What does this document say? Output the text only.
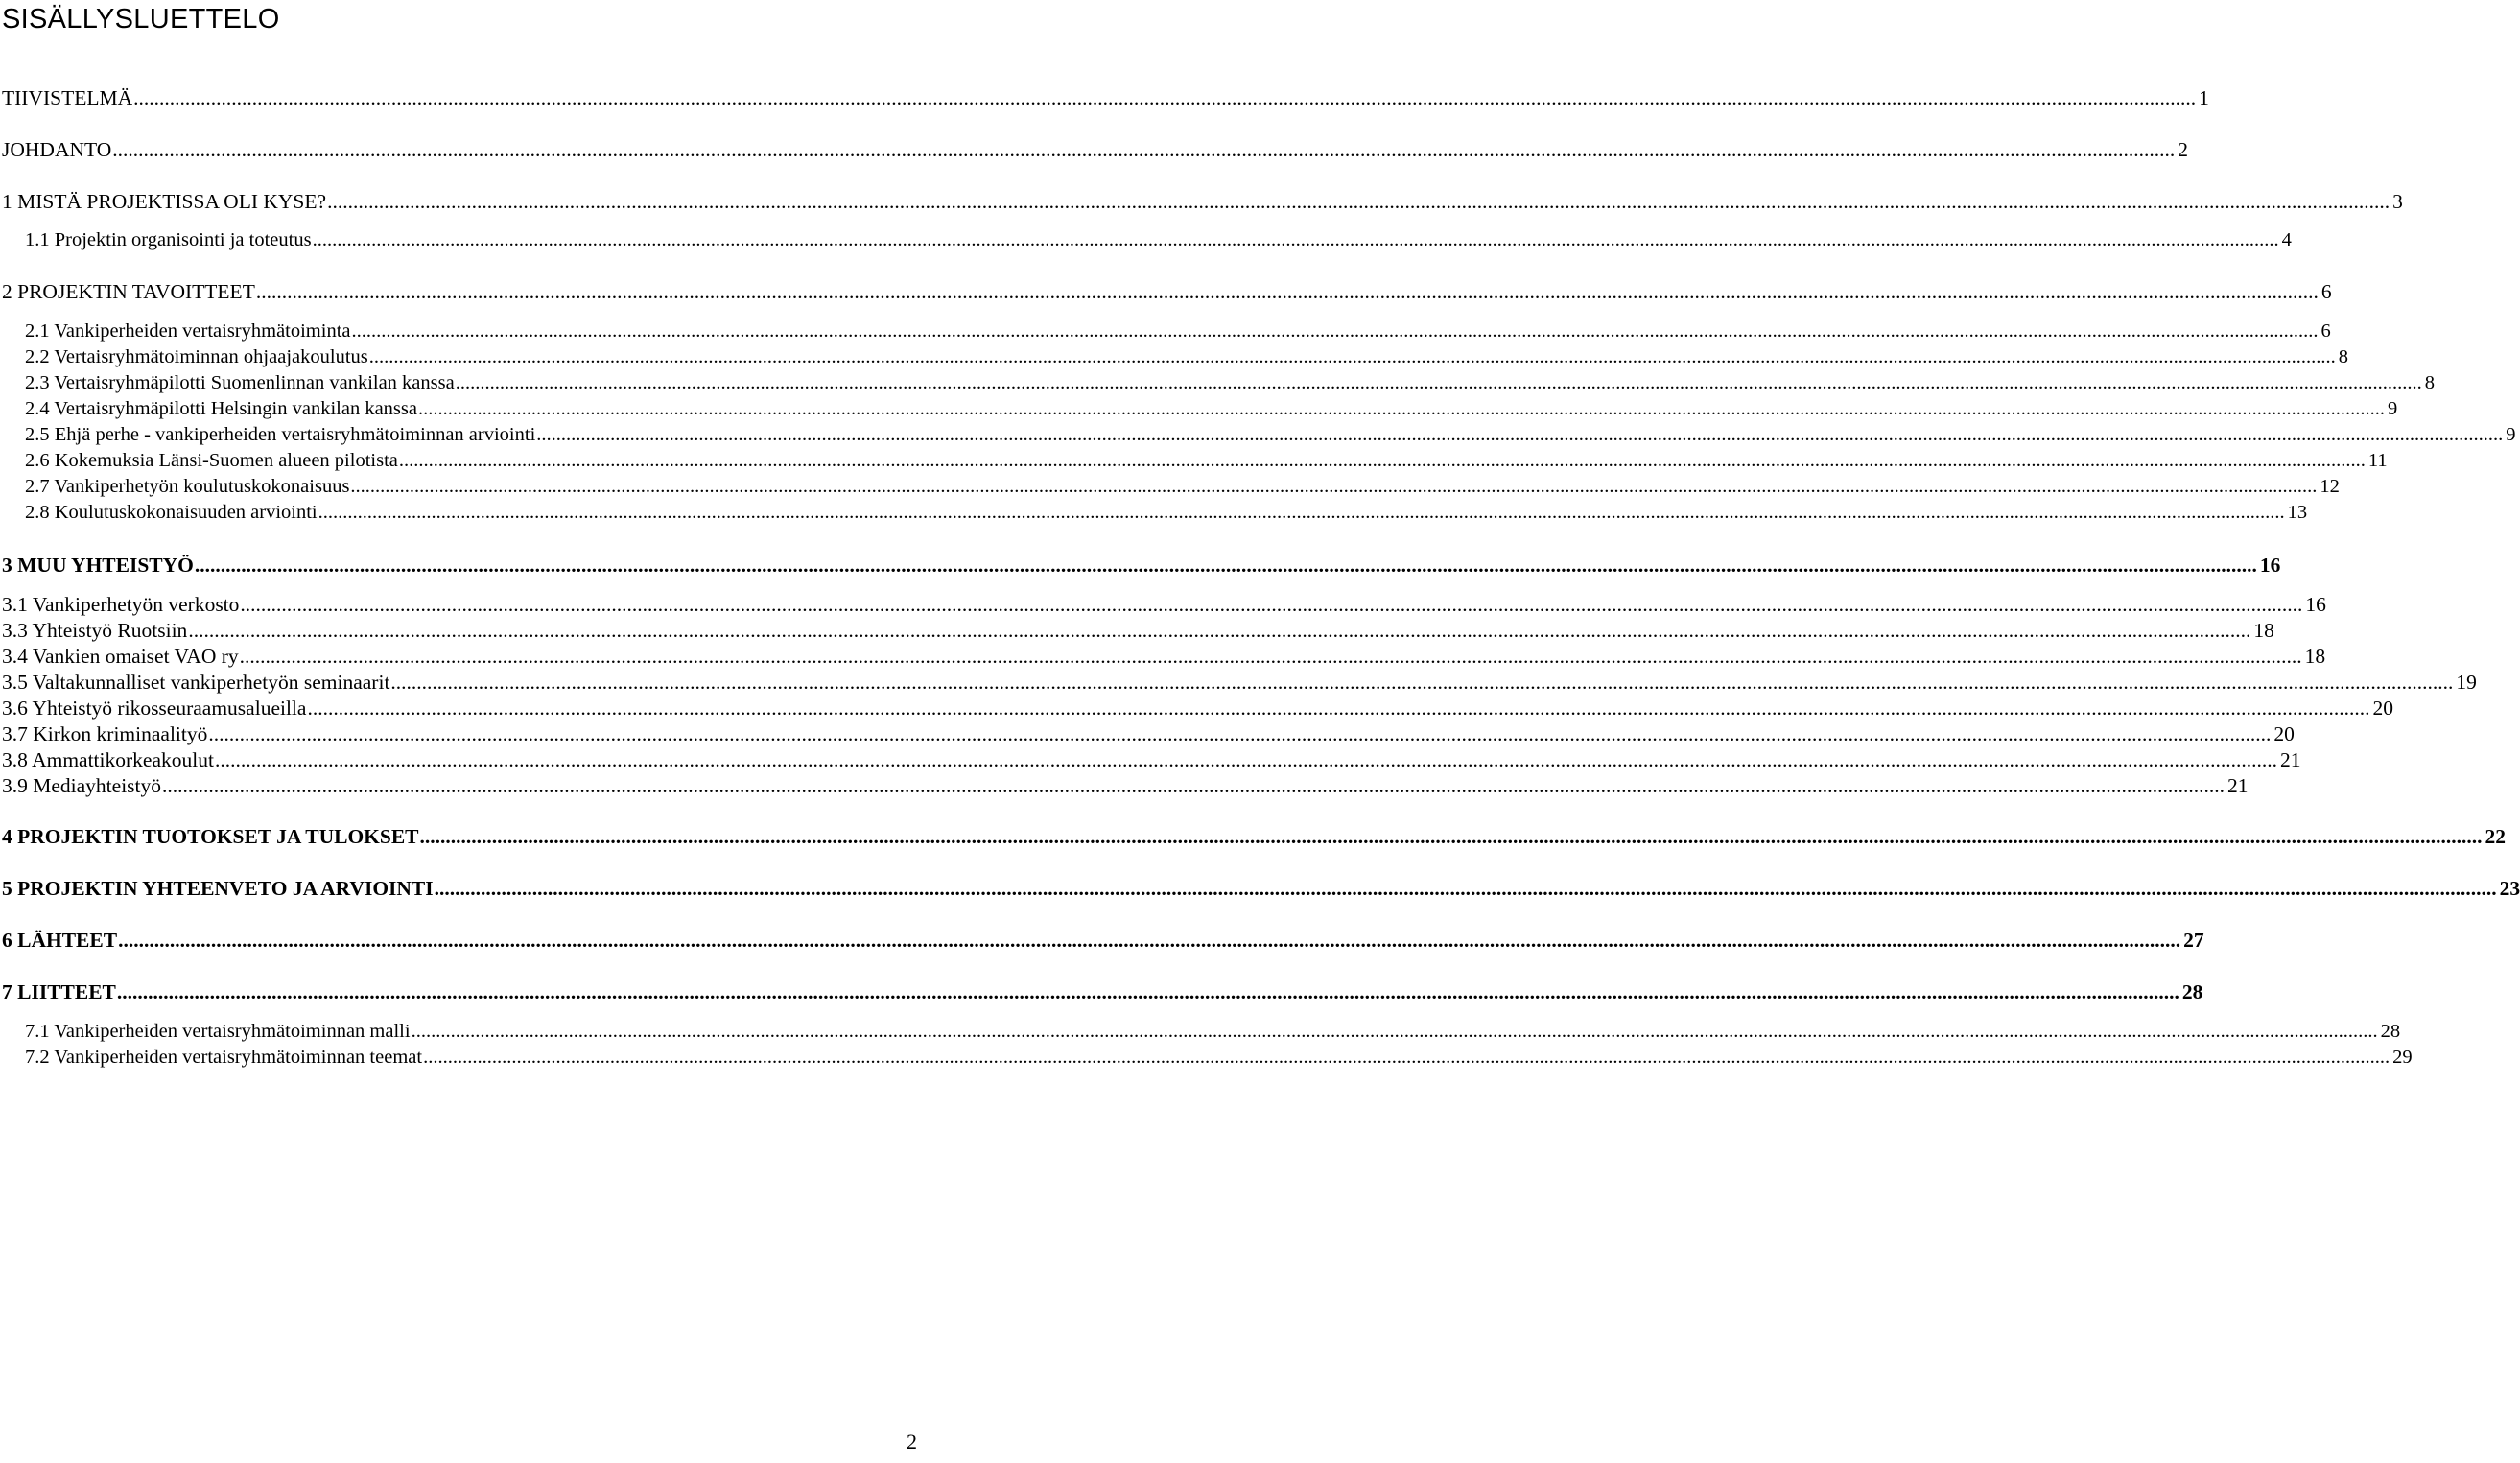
SISÄLLYSLUETTELO
TIIVISTELMÄ ................................................................................................................................................................................................................................................................................................................................................................................................................ 1
JOHDANTO ................................................................................................................................................................................................................................................................................................................................................................................................................ 2
1 MISTÄ PROJEKTISSA OLI KYSE? ................................................................................................................................................................................................................................................................................................................................................................................................................ 3
1.1 Projektin organisointi ja toteutus ................................................................................................................................................................................................................................................................................................................................................................................................................ 4
2 PROJEKTIN TAVOITTEET ................................................................................................................................................................................................................................................................................................................................................................................................................ 6
2.1 Vankiperheiden vertaisryhmätoiminta ................................................................................................................................................................................................................................................................................................................................................................................................................ 6
2.2 Vertaisryhmätoiminnan ohjaajakoulutus ................................................................................................................................................................................................................................................................................................................................................................................................................ 8
2.3 Vertaisryhmäpilotti Suomenlinnan vankilan kanssa ................................................................................................................................................................................................................................................................................................................................................................................................................ 8
2.4 Vertaisryhmäpilotti Helsingin vankilan kanssa ................................................................................................................................................................................................................................................................................................................................................................................................................ 9
2.5 Ehjä perhe - vankiperheiden vertaisryhmätoiminnan arviointi ................................................................................................................................................................................................................................................................................................................................................................................................................ 9
2.6 Kokemuksia Länsi-Suomen alueen pilotista ................................................................................................................................................................................................................................................................................................................................................................................................................ 11
2.7 Vankiperhetyön koulutuskokonaisuus ................................................................................................................................................................................................................................................................................................................................................................................................................ 12
2.8 Koulutuskokonaisuuden arviointi ................................................................................................................................................................................................................................................................................................................................................................................................................ 13
3 MUU YHTEISTYÖ ................................................................................................................................................................................................................................................................................................................................................................................................................ 16
3.1 Vankiperhetyön verkosto ................................................................................................................................................................................................................................................................................................................................................................................................................ 16
3.3 Yhteistyö Ruotsiin ................................................................................................................................................................................................................................................................................................................................................................................................................ 18
3.4 Vankien omaiset VAO ry ................................................................................................................................................................................................................................................................................................................................................................................................................ 18
3.5 Valtakunnalliset vankiperhetyön seminaarit ................................................................................................................................................................................................................................................................................................................................................................................................................ 19
3.6 Yhteistyö rikosseuraamusalueilla ................................................................................................................................................................................................................................................................................................................................................................................................................ 20
3.7 Kirkon kriminaalityö ................................................................................................................................................................................................................................................................................................................................................................................................................ 20
3.8 Ammattikorkeakoulut ................................................................................................................................................................................................................................................................................................................................................................................................................ 21
3.9 Mediayhteistyö ................................................................................................................................................................................................................................................................................................................................................................................................................ 21
4 PROJEKTIN TUOTOKSET JA TULOKSET ................................................................................................................................................................................................................................................................................................................................................................................................................ 22
5 PROJEKTIN YHTEENVETO JA ARVIOINTI ................................................................................................................................................................................................................................................................................................................................................................................................................ 23
6 LÄHTEET ................................................................................................................................................................................................................................................................................................................................................................................................................ 27
7 LIITTEET ................................................................................................................................................................................................................................................................................................................................................................................................................ 28
7.1 Vankiperheiden vertaisryhmätoiminnan malli ................................................................................................................................................................................................................................................................................................................................................................................................................ 28
7.2 Vankiperheiden vertaisryhmätoiminnan teemat ................................................................................................................................................................................................................................................................................................................................................................................................................ 29
2
